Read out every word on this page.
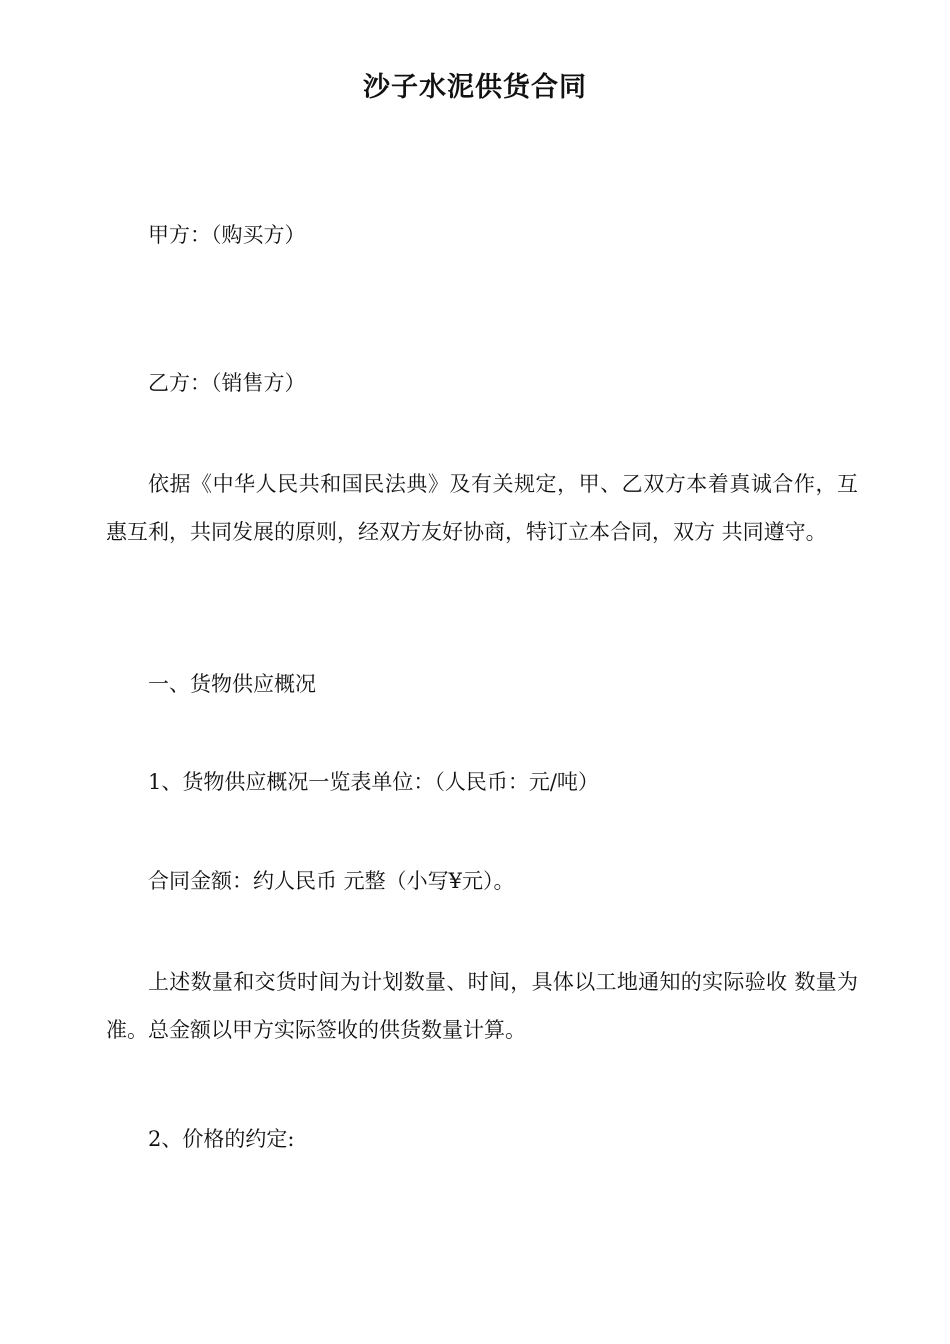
沙子水泥供货合同
甲方：（购买方）
乙方：（销售方）
依据《中华人民共和国民法典》及有关规定，甲、乙双方本着真诚合作，互惠互利，共同发展的原则，经双方友好协商，特订立本合同，双方 共同遵守。
一、货物供应概况
1、货物供应概况一览表单位：（人民币：元/吨）
合同金额：约人民币 元整（小写¥元）。
上述数量和交货时间为计划数量、时间，具体以工地通知的实际验收 数量为准。总金额以甲方实际签收的供货数量计算。
2、价格的约定:
